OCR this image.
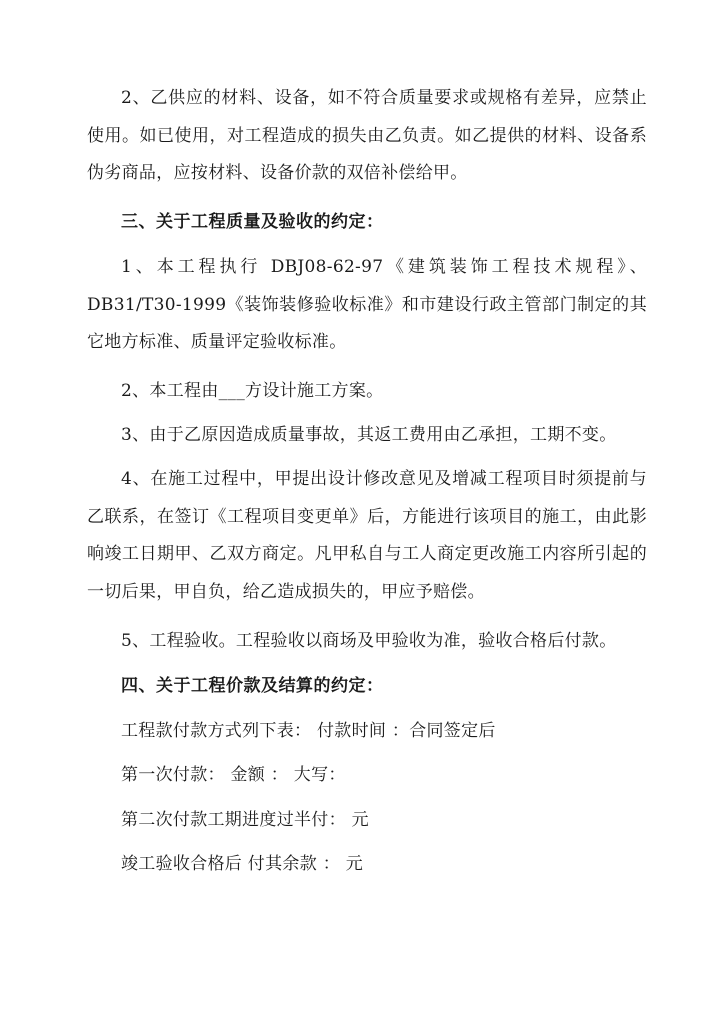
2、乙供应的材料、设备，如不符合质量要求或规格有差异，应禁止使用。如已使用，对工程造成的损失由乙负责。如乙提供的材料、设备系伪劣商品，应按材料、设备价款的双倍补偿给甲。

三、关于工程质量及验收的约定：

1、本工程执行 DBJ08-62-97《建筑装饰工程技术规程》、DB31/T30-1999《装饰装修验收标准》和市建设行政主管部门制定的其它地方标准、质量评定验收标准。

2、本工程由___方设计施工方案。

3、由于乙原因造成质量事故，其返工费用由乙承担，工期不变。

4、在施工过程中，甲提出设计修改意见及增减工程项目时须提前与乙联系，在签订《工程项目变更单》后，方能进行该项目的施工，由此影响竣工日期甲、乙双方商定。凡甲私自与工人商定更改施工内容所引起的一切后果，甲自负，给乙造成损失的，甲应予赔偿。

5、工程验收。工程验收以商场及甲验收为准，验收合格后付款。

四、关于工程价款及结算的约定：

工程款付款方式列下表： 付款时间 ：合同签定后

第一次付款： 金额 ： 大写：

第二次付款工期进度过半付： 元

竣工验收合格后 付其余款 ： 元
